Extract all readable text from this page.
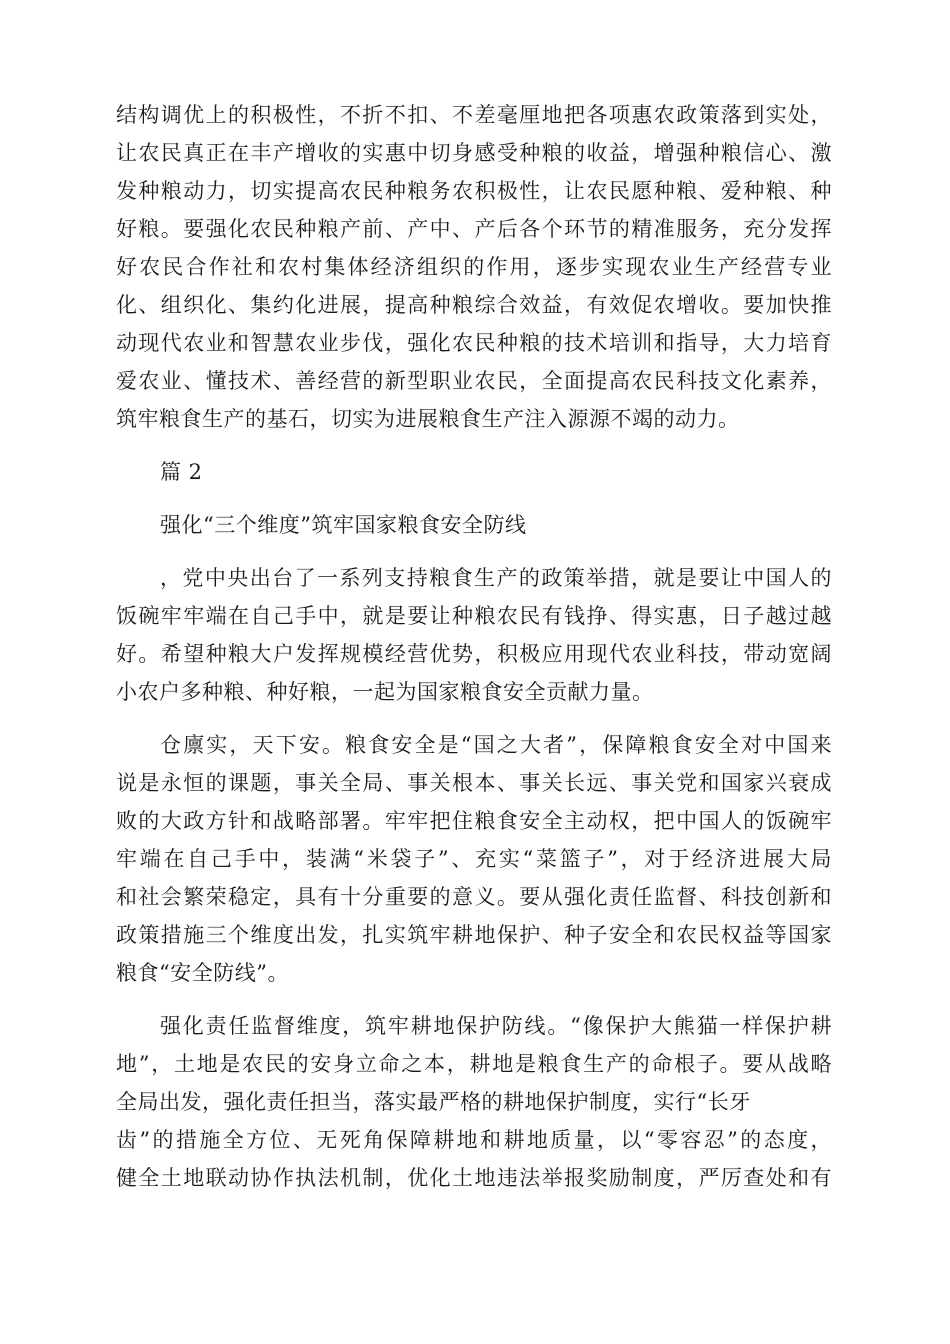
结构调优上的积极性，不折不扣、不差毫厘地把各项惠农政策落到实处，
让农民真正在丰产增收的实惠中切身感受种粮的收益，增强种粮信心、激
发种粮动力，切实提高农民种粮务农积极性，让农民愿种粮、爱种粮、种
好粮。要强化农民种粮产前、产中、产后各个环节的精准服务，充分发挥
好农民合作社和农村集体经济组织的作用，逐步实现农业生产经营专业
化、组织化、集约化进展，提高种粮综合效益，有效促农增收。要加快推
动现代农业和智慧农业步伐，强化农民种粮的技术培训和指导，大力培育
爱农业、懂技术、善经营的新型职业农民，全面提高农民科技文化素养，
筑牢粮食生产的基石，切实为进展粮食生产注入源源不竭的动力。
篇 2
强化“三个维度”筑牢国家粮食安全防线
，党中央出台了一系列支持粮食生产的政策举措，就是要让中国人的
饭碗牢牢端在自己手中，就是要让种粮农民有钱挣、得实惠，日子越过越
好。希望种粮大户发挥规模经营优势，积极应用现代农业科技，带动宽阔
小农户多种粮、种好粮，一起为国家粮食安全贡献力量。
仓廪实，天下安。粮食安全是“国之大者”，保障粮食安全对中国来
说是永恒的课题，事关全局、事关根本、事关长远、事关党和国家兴衰成
败的大政方针和战略部署。牢牢把住粮食安全主动权，把中国人的饭碗牢
牢端在自己手中，装满“米袋子”、充实“菜篮子”，对于经济进展大局
和社会繁荣稳定，具有十分重要的意义。要从强化责任监督、科技创新和
政策措施三个维度出发，扎实筑牢耕地保护、种子安全和农民权益等国家
粮食“安全防线”。
强化责任监督维度，筑牢耕地保护防线。“像保护大熊猫一样保护耕
地”，土地是农民的安身立命之本，耕地是粮食生产的命根子。要从战略
全局出发，强化责任担当，落实最严格的耕地保护制度，实行“长牙
齿”的措施全方位、无死角保障耕地和耕地质量，以“零容忍”的态度，
健全土地联动协作执法机制，优化土地违法举报奖励制度，严厉查处和有
